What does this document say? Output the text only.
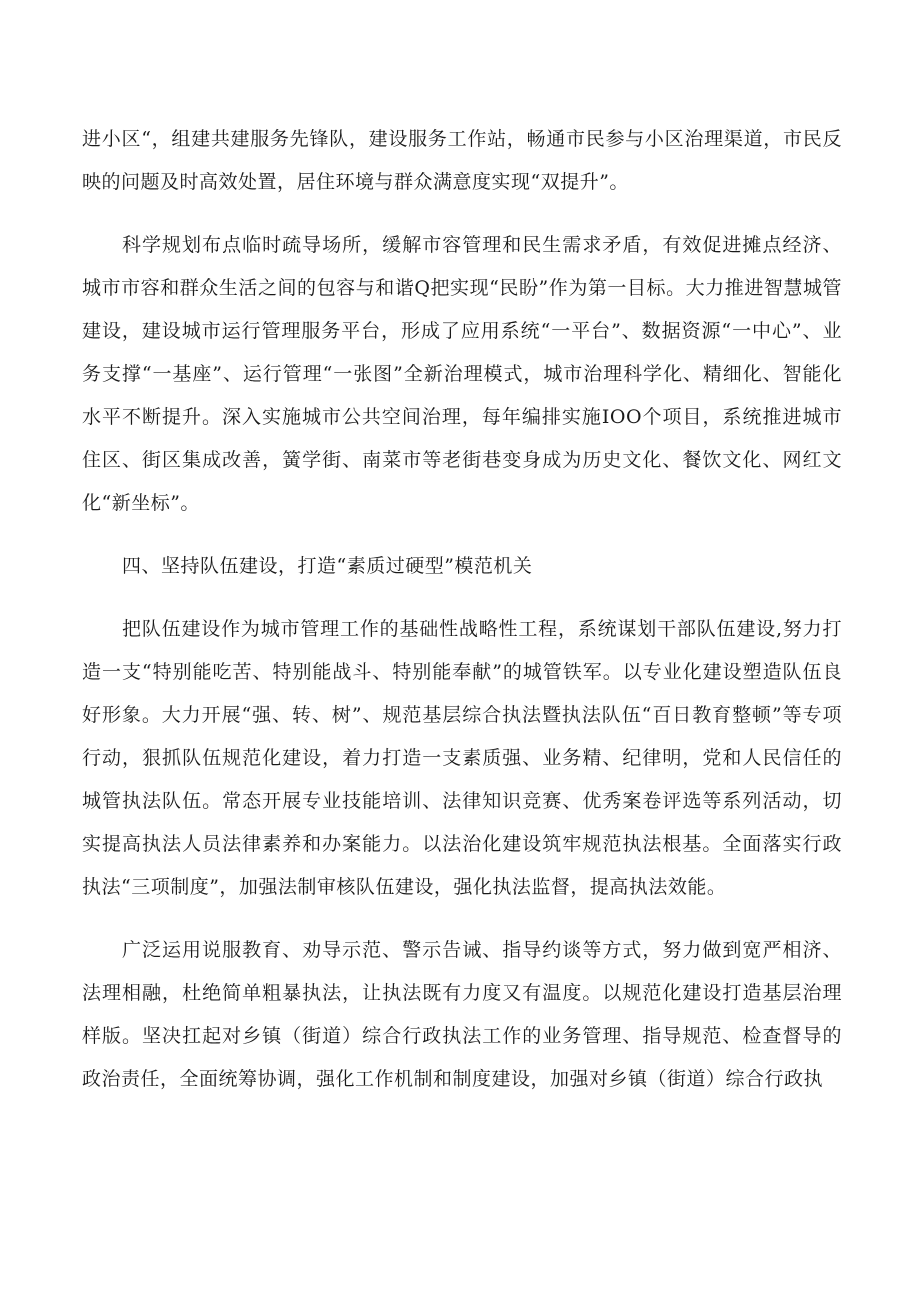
进小区“，组建共建服务先锋队，建设服务工作站，畅通市民参与小区治理渠道，市民反映的问题及时高效处置，居住环境与群众满意度实现“双提升”。

科学规划布点临时疏导场所，缓解市容管理和民生需求矛盾，有效促进摊点经济、城市市容和群众生活之间的包容与和谐Q把实现“民盼”作为第一目标。大力推进智慧城管建设，建设城市运行管理服务平台，形成了应用系统“一平台”、数据资源“一中心”、业务支撑“一基座”、运行管理“一张图”全新治理模式，城市治理科学化、精细化、智能化水平不断提升。深入实施城市公共空间治理，每年编排实施IOO个项目，系统推进城市住区、街区集成改善，簧学街、南菜市等老街巷变身成为历史文化、餐饮文化、网红文化“新坐标”。

四、坚持队伍建设，打造“素质过硬型”模范机关

把队伍建设作为城市管理工作的基础性战略性工程，系统谋划干部队伍建设,努力打造一支“特别能吃苦、特别能战斗、特别能奉献”的城管铁军。以专业化建设塑造队伍良好形象。大力开展“强、转、树”、规范基层综合执法暨执法队伍“百日教育整顿”等专项行动，狠抓队伍规范化建设，着力打造一支素质强、业务精、纪律明，党和人民信任的城管执法队伍。常态开展专业技能培训、法律知识竞赛、优秀案卷评选等系列活动，切实提高执法人员法律素养和办案能力。以法治化建设筑牢规范执法根基。全面落实行政执法“三项制度”，加强法制审核队伍建设，强化执法监督，提高执法效能。

广泛运用说服教育、劝导示范、警示告诫、指导约谈等方式，努力做到宽严相济、法理相融，杜绝简单粗暴执法，让执法既有力度又有温度。以规范化建设打造基层治理样版。坚决扛起对乡镇（街道）综合行政执法工作的业务管理、指导规范、检查督导的政治责任，全面统筹协调，强化工作机制和制度建设，加强对乡镇（街道）综合行政执
